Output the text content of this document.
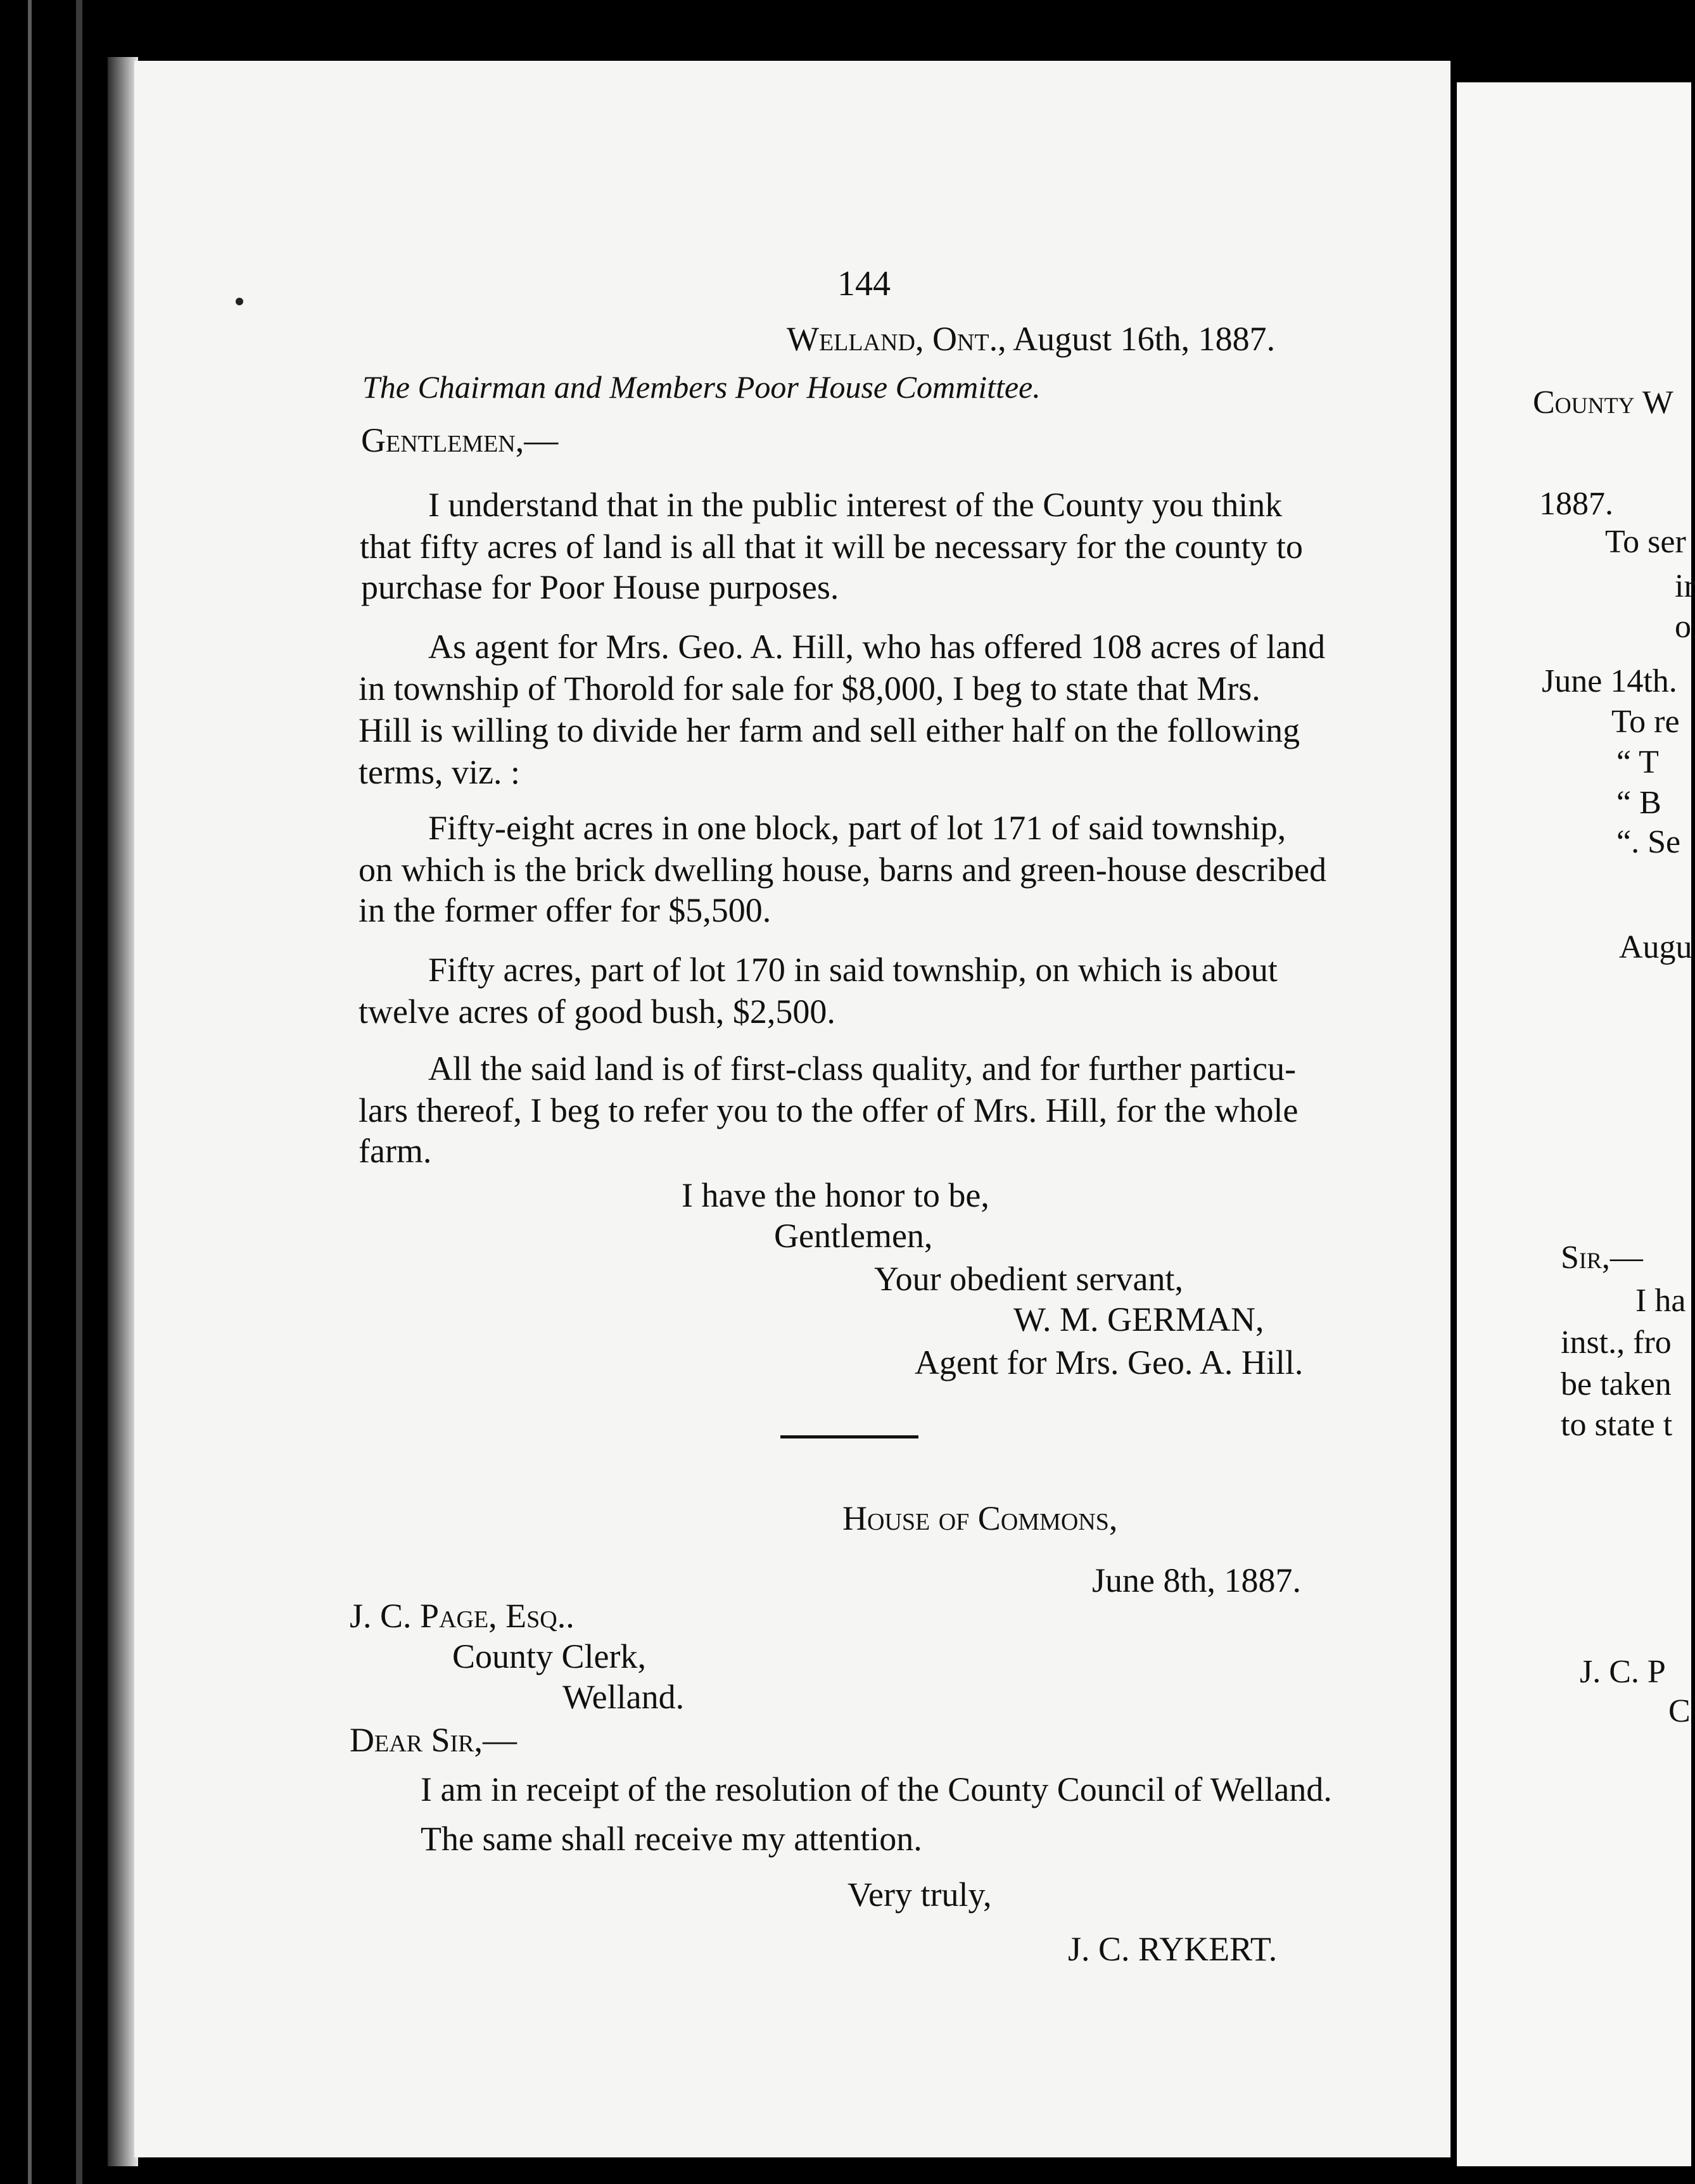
144
Welland, Ont., August 16th, 1887.
The Chairman and Members Poor House Committee.
Gentlemen,—
I understand that in the public interest of the County you think
that fifty acres of land is all that it will be necessary for the county to
purchase for Poor House purposes.
As agent for Mrs. Geo. A. Hill, who has offered 108 acres of land
in township of Thorold for sale for $8,000, I beg to state that Mrs.
Hill is willing to divide her farm and sell either half on the following
terms, viz. :
Fifty-eight acres in one block, part of lot 171 of said township,
on which is the brick dwelling house, barns and green-house described
in the former offer for $5,500.
Fifty acres, part of lot 170 in said township, on which is about
twelve acres of good bush, $2,500.
All the said land is of first-class quality, and for further particu-
lars thereof, I beg to refer you to the offer of Mrs. Hill, for the whole
farm.
I have the honor to be,
Gentlemen,
Your obedient servant,
W. M. GERMAN,
Agent for Mrs. Geo. A. Hill.
House of Commons,
June 8th, 1887.
J. C. Page, Esq..
County Clerk,
Welland.
Dear Sir,—
I am in receipt of the resolution of the County Council of Welland.
The same shall receive my attention.
Very truly,
J. C. RYKERT.
County W
1887.
To ser
ir
o
June 14th.
To re
“ T
“ B
“. Se
Augu
Sir,—
I ha
inst., fro
be taken
to state t
J. C. P
C
